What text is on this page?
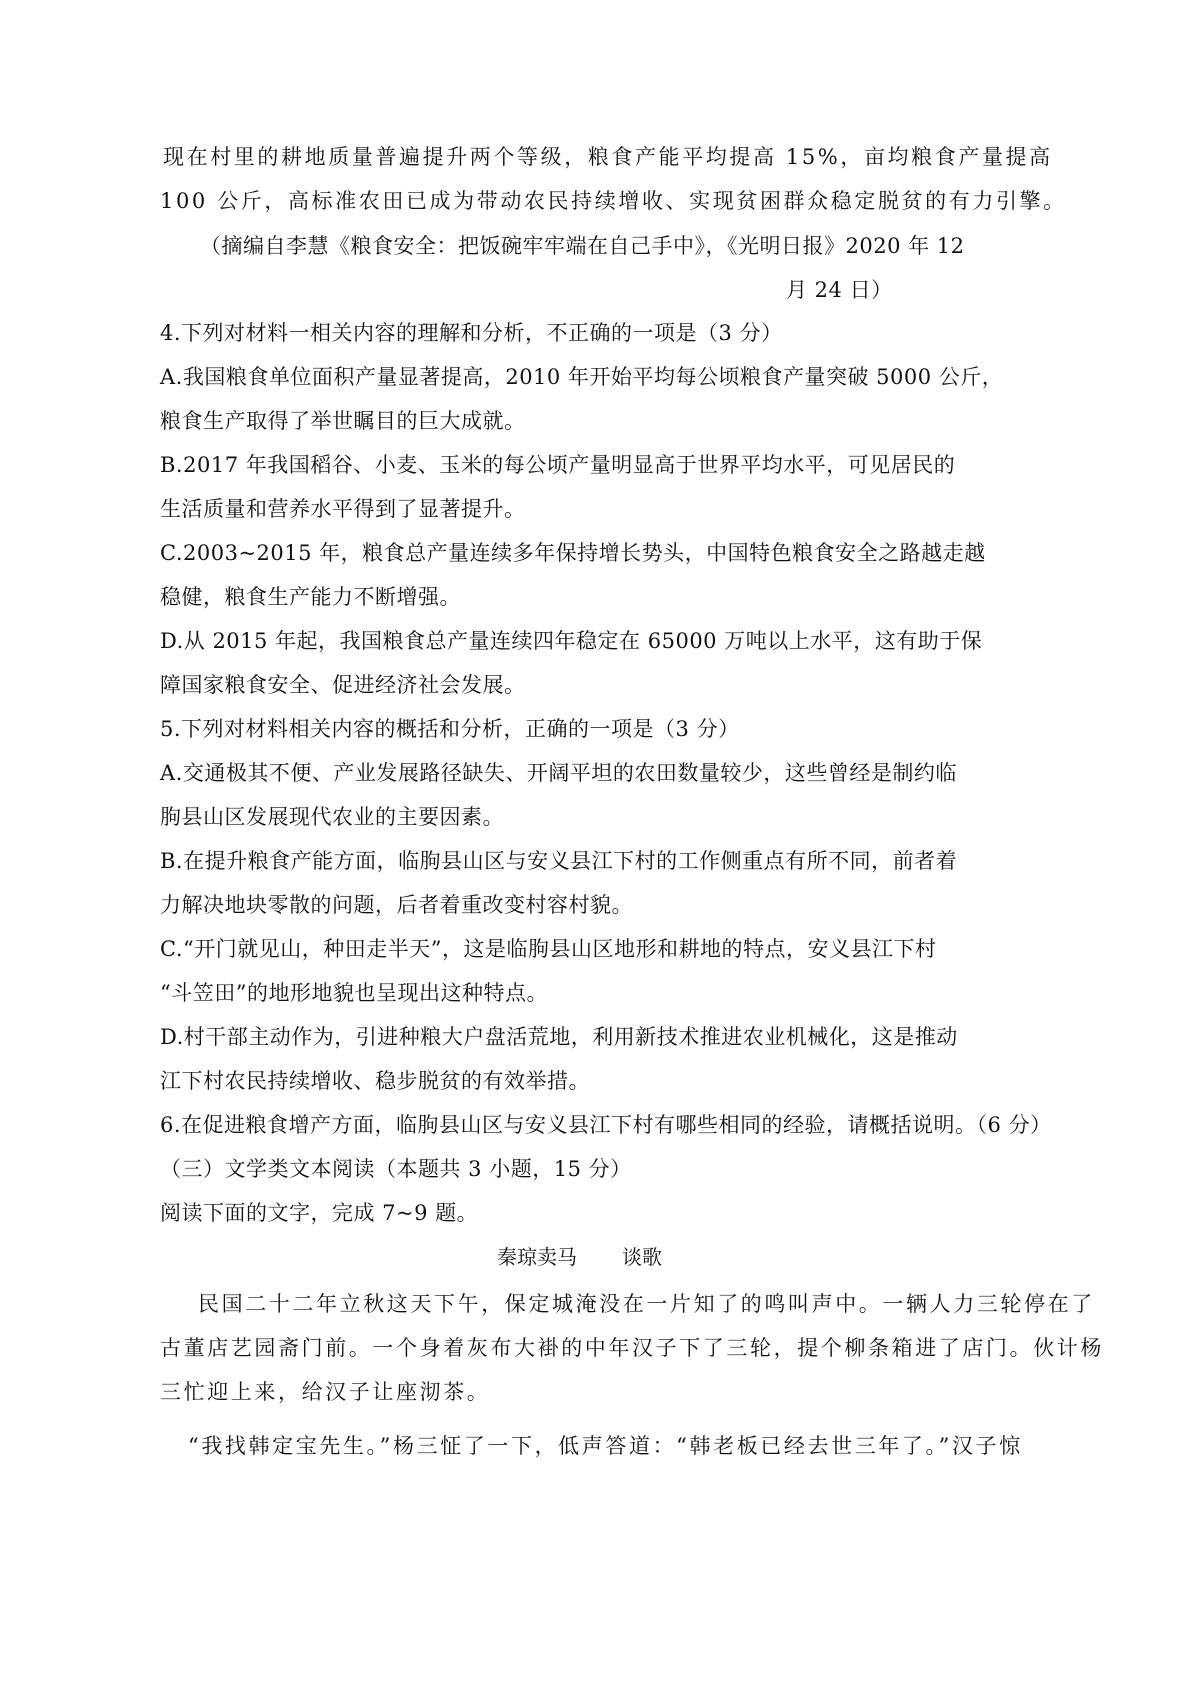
现在村里的耕地质量普遍提升两个等级，粮食产能平均提高 15%，亩均粮食产量提高
100 公斤，高标准农田已成为带动农民持续增收、实现贫困群众稳定脱贫的有力引擎。
（摘编自李慧《粮食安全：把饭碗牢牢端在自己手中》，《光明日报》2020 年 12
月 24 日）
4.下列对材料一相关内容的理解和分析，不正确的一项是（3 分）
A.我国粮食单位面积产量显著提高，2010 年开始平均每公顷粮食产量突破 5000 公斤，
粮食生产取得了举世瞩目的巨大成就。
B.2017 年我国稻谷、小麦、玉米的每公顷产量明显高于世界平均水平，可见居民的
生活质量和营养水平得到了显著提升。
C.2003~2015 年，粮食总产量连续多年保持增长势头，中国特色粮食安全之路越走越
稳健，粮食生产能力不断增强。
D.从 2015 年起，我国粮食总产量连续四年稳定在 65000 万吨以上水平，这有助于保
障国家粮食安全、促进经济社会发展。
5.下列对材料相关内容的概括和分析，正确的一项是（3 分）
A.交通极其不便、产业发展路径缺失、开阔平坦的农田数量较少，这些曾经是制约临
朐县山区发展现代农业的主要因素。
B.在提升粮食产能方面，临朐县山区与安义县江下村的工作侧重点有所不同，前者着
力解决地块零散的问题，后者着重改变村容村貌。
C.“开门就见山，种田走半天”，这是临朐县山区地形和耕地的特点，安义县江下村
“斗笠田”的地形地貌也呈现出这种特点。
D.村干部主动作为，引进种粮大户盘活荒地，利用新技术推进农业机械化，这是推动
江下村农民持续增收、稳步脱贫的有效举措。
6.在促进粮食增产方面，临朐县山区与安义县江下村有哪些相同的经验，请概括说明。（6 分）
（三）文学类文本阅读（本题共 3 小题，15 分）
阅读下面的文字，完成 7~9 题。
秦琼卖马 谈歌
民国二十二年立秋这天下午，保定城淹没在一片知了的鸣叫声中。一辆人力三轮停在了
古董店艺园斋门前。一个身着灰布大褂的中年汉子下了三轮，提个柳条箱进了店门。伙计杨
三忙迎上来，给汉子让座沏茶。
“我找韩定宝先生。”杨三怔了一下，低声答道：“韩老板已经去世三年了。”汉子惊
